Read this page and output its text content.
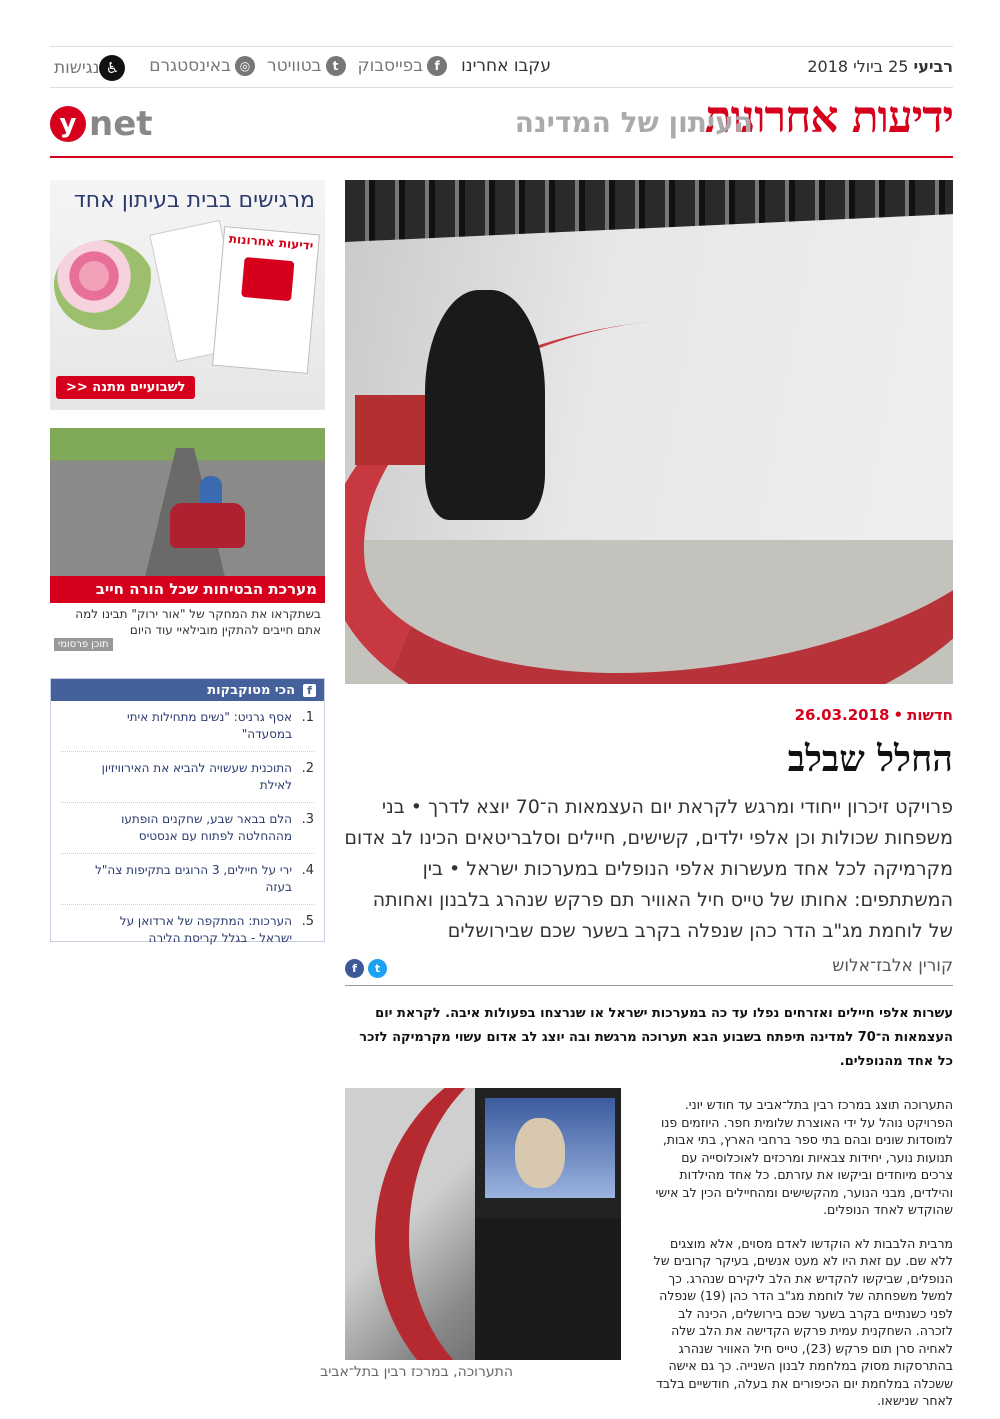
רביעי 25 ביולי 2018
עקבו אחרינו
f
בפייסבוק
t
בטוויטר
◎
באינסטגרם
♿
נגישות
ידיעות אחרונות
העיתון של המדינה
y net
מרגישים בבית בעיתון אחד
ידיעות אחרונות
לשבועיים מתנה <<
מערכת הבטיחות שכל הורה חייב
בשתקראו את המחקר של "אור ירוק" תבינו למה אתם חייבים להתקין מובילאיי עוד היום
תוכן פרסומי
f
הכי מטוקבקות
1.
אסף גרניט: "נשים מתחילות איתי במסעדה"
2.
התוכנית שעשויה להביא את האירוויזיון לאילת
3.
הלם בבאר שבע, שחקנים הופתעו מההחלטה לפתוח עם אנסטיס
4.
ירי על חיילים, 3 הרוגים בתקיפות צה"ל בעזה
5.
הערכות: המתקפה של ארדואן על ישראל - בגלל קריסת הלירה
חדשות•26.03.2018
החלל שבלב
פרויקט זיכרון ייחודי ומרגש לקראת יום העצמאות ה־70 יוצא לדרך • בני משפחות שכולות וכן אלפי ילדים, קשישים, חיילים וסלבריטאים הכינו לב אדום מקרמיקה לכל אחד מעשרות אלפי הנופלים במערכות ישראל • בין המשתתפים: אחותו של טייס חיל האוויר תם פרקש שנהרג בלבנון ואחותה של לוחמת מג"ב הדר כהן שנפלה בקרב בשער שכם שבירושלים
קורין אלבז־אלוש
t
f
עשרות אלפי חיילים ואזרחים נפלו עד כה במערכות ישראל או שנרצחו בפעולות איבה. לקראת יום העצמאות ה־70 למדינה תיפתח בשבוע הבא תערוכה מרגשת ובה יוצג לב אדום עשוי מקרמיקה לזכר כל אחד מהנופלים.
התערוכה, במרכז רבין בתל־אביב

התערוכה תוצג במרכז רבין בתל־אביב עד חודש יוני. הפרויקט נוהל על ידי האוצרת שלומית חפר. היוזמים פנו למוסדות שונים ובהם בתי ספר ברחבי הארץ, בתי אבות, תנועות נוער, יחידות צבאיות ומרכזים לאוכלוסייה עם צרכים מיוחדים וביקשו את עזרתם. כל אחד מהילדות והילדים, מבני הנוער, מהקשישים ומהחיילים הכין לב אישי שהוקדש לאחד הנופלים.

מרבית הלבבות לא הוקדשו לאדם מסוים, אלא מוצגים ללא שם. עם זאת היו לא מעט אנשים, בעיקר קרובים של הנופלים, שביקשו להקדיש את הלב ליקירם שנהרג. כך למשל משפחתה של לוחמת מג"ב הדר כהן (19) שנפלה לפני כשנתיים בקרב בשער שכם בירושלים, הכינה לב לזכרה. השחקנית עמית פרקש הקדישה את הלב שלה לאחיה סרן תום פרקש (23), טייס חיל האוויר שנהרג בהתרסקות מסוק במלחמת לבנון השנייה. כך גם אישה ששכלה במלחמת יום הכיפורים את בעלה, חודשיים בלבד לאחר שנישאו.
